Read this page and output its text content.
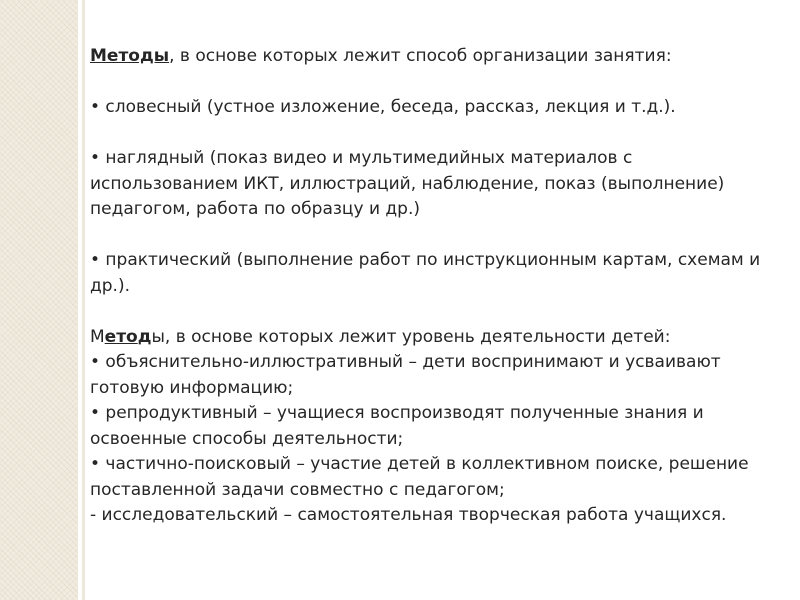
Методы, в основе которых лежит способ организации занятия:

• словесный (устное изложение, беседа, рассказ, лекция и т.д.).

• наглядный (показ видео и мультимедийных материалов с использованием ИКТ, иллюстраций, наблюдение, показ (выполнение) педагогом, работа по образцу и др.)

• практический (выполнение работ по инструкционным картам, схемам и др.).

Методы, в основе которых лежит уровень деятельности детей:

• объяснительно-иллюстративный – дети воспринимают и усваивают готовую информацию;

• репродуктивный – учащиеся воспроизводят полученные знания и освоенные способы деятельности;

• частично-поисковый – участие детей в коллективном поиске, решение поставленной задачи совместно с педагогом;

- исследовательский – самостоятельная творческая работа учащихся.
